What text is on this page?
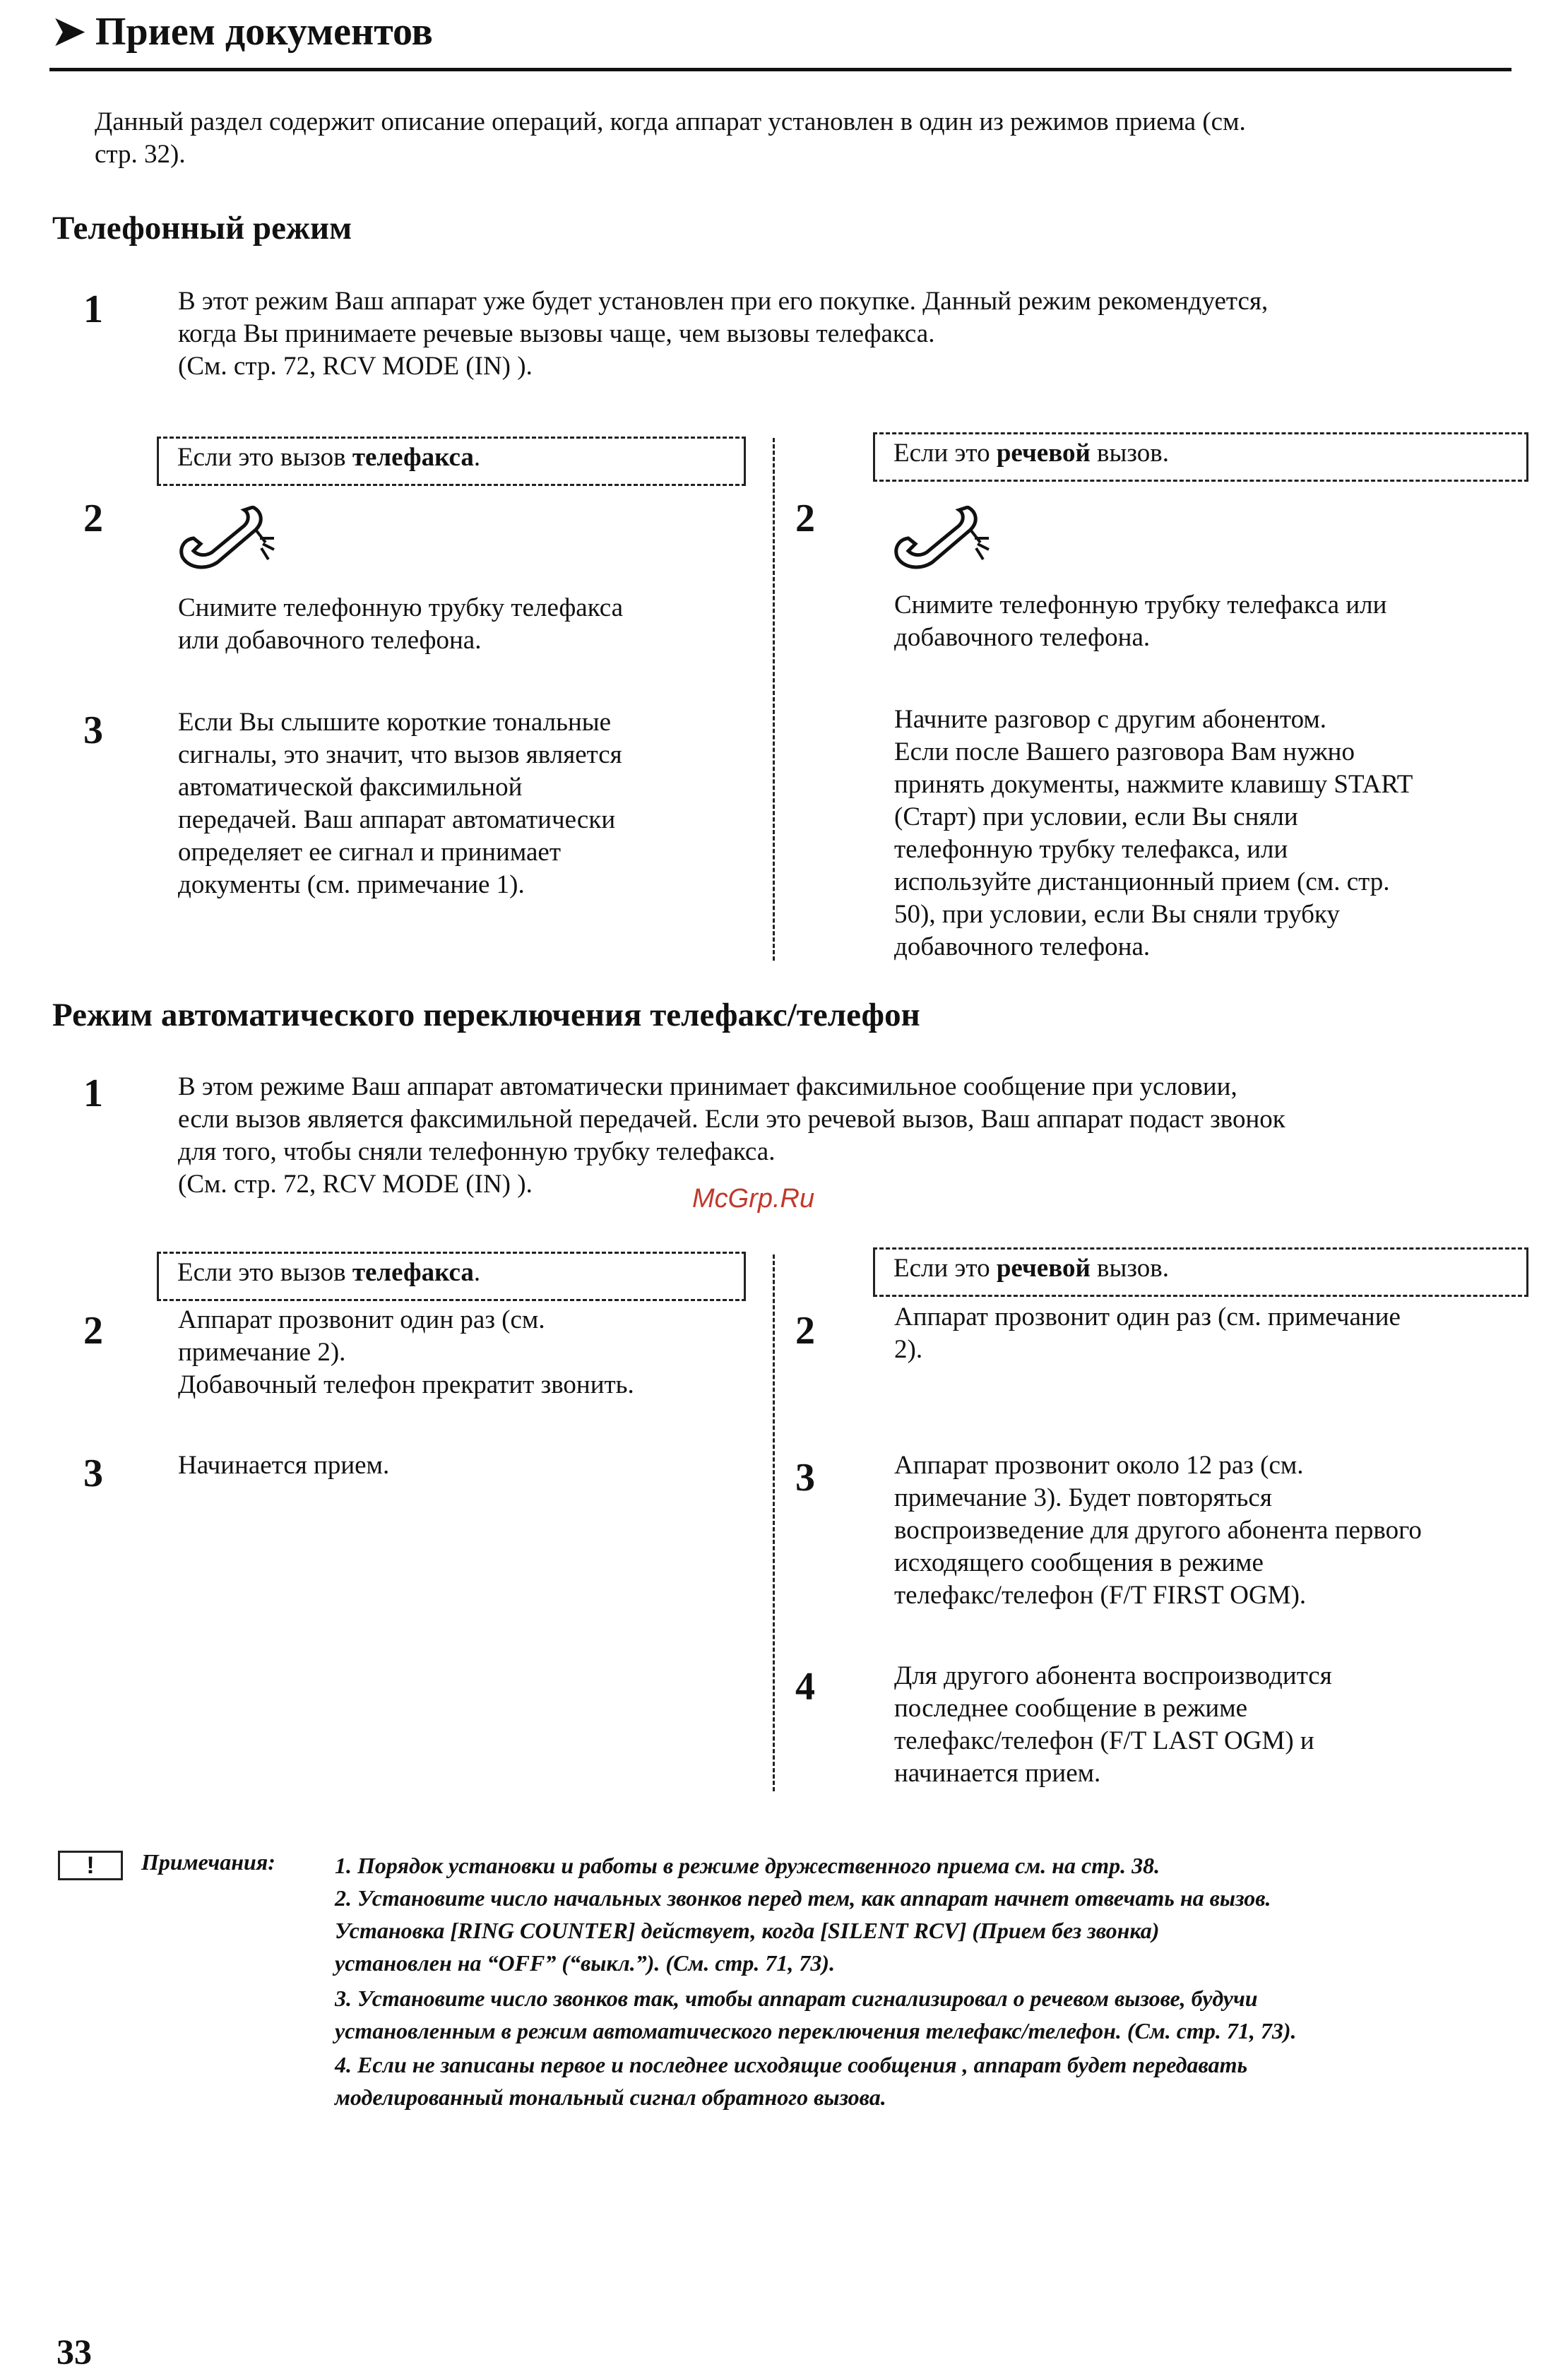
➤ Прием документов
Данный раздел содержит описание операций, когда аппарат установлен в один из режимов приема (см.
стр. 32).
Телефонный режим
1	В этот режим Ваш аппарат уже будет установлен при его покупке. Данный режим рекомендуется,
когда Вы принимаете речевые вызовы чаще, чем вызовы телефакса.
(См. стр. 72, RCV MODE (IN) ).
Если это вызов телефакса.	Если это речевой вызов.
2	2
Снимите телефонную трубку телефакса
или добавочного телефона.
Снимите телефонную трубку телефакса или
добавочного телефона.
3	Если Вы слышите короткие тональные
сигналы, это значит, что вызов является
автоматической факсимильной
передачей. Ваш аппарат автоматически
определяет ее сигнал и принимает
документы (см. примечание 1).
Начните разговор с другим абонентом.
Если после Вашего разговора Вам нужно
принять документы, нажмите клавишу START
(Старт) при условии, если Вы сняли
телефонную трубку телефакса, или
используйте дистанционный прием (см. стр.
50), при условии, если Вы сняли трубку
добавочного телефона.
Режим автоматического переключения телефакс/телефон
1	В этом режиме Ваш аппарат автоматически принимает факсимильное сообщение при условии,
если вызов является факсимильной передачей. Если это речевой вызов, Ваш аппарат подаст звонок
для того, чтобы сняли телефонную трубку телефакса.
(См. стр. 72, RCV MODE (IN) ).	McGrp.Ru
Если это вызов телефакса.	Если это речевой вызов.
2	Аппарат прозвонит один раз (см.
примечание 2).
Добавочный телефон прекратит звонить.
2	Аппарат прозвонит один раз (см. примечание
2).
3	Начинается прием.	3	Аппарат прозвонит около 12 раз (см.
примечание 3). Будет повторяться
воспроизведение для другого абонента первого
исходящего сообщения в режиме
телефакс/телефон (F/T FIRST OGM).
4	Для другого абонента воспроизводится
последнее сообщение в режиме
телефакс/телефон (F/T LAST OGM) и
начинается прием.
!	Примечания:	1. Порядок установки и работы в режиме дружественного приема см. на стр. 38.
2. Установите число начальных звонков перед тем, как аппарат начнет отвечать на вызов.
Установка [RING COUNTER] действует, когда [SILENT RCV] (Прием без звонка)
установлен на “OFF” (“выкл.”). (См. стр. 71, 73).
3. Установите число звонков так, чтобы аппарат сигнализировал о речевом вызове, будучи
установленным в режим автоматического переключения телефакс/телефон. (См. стр. 71, 73).
4. Если не записаны первое и последнее исходящие сообщения , аппарат будет передавать
моделированный тональный сигнал обратного вызова.
33
